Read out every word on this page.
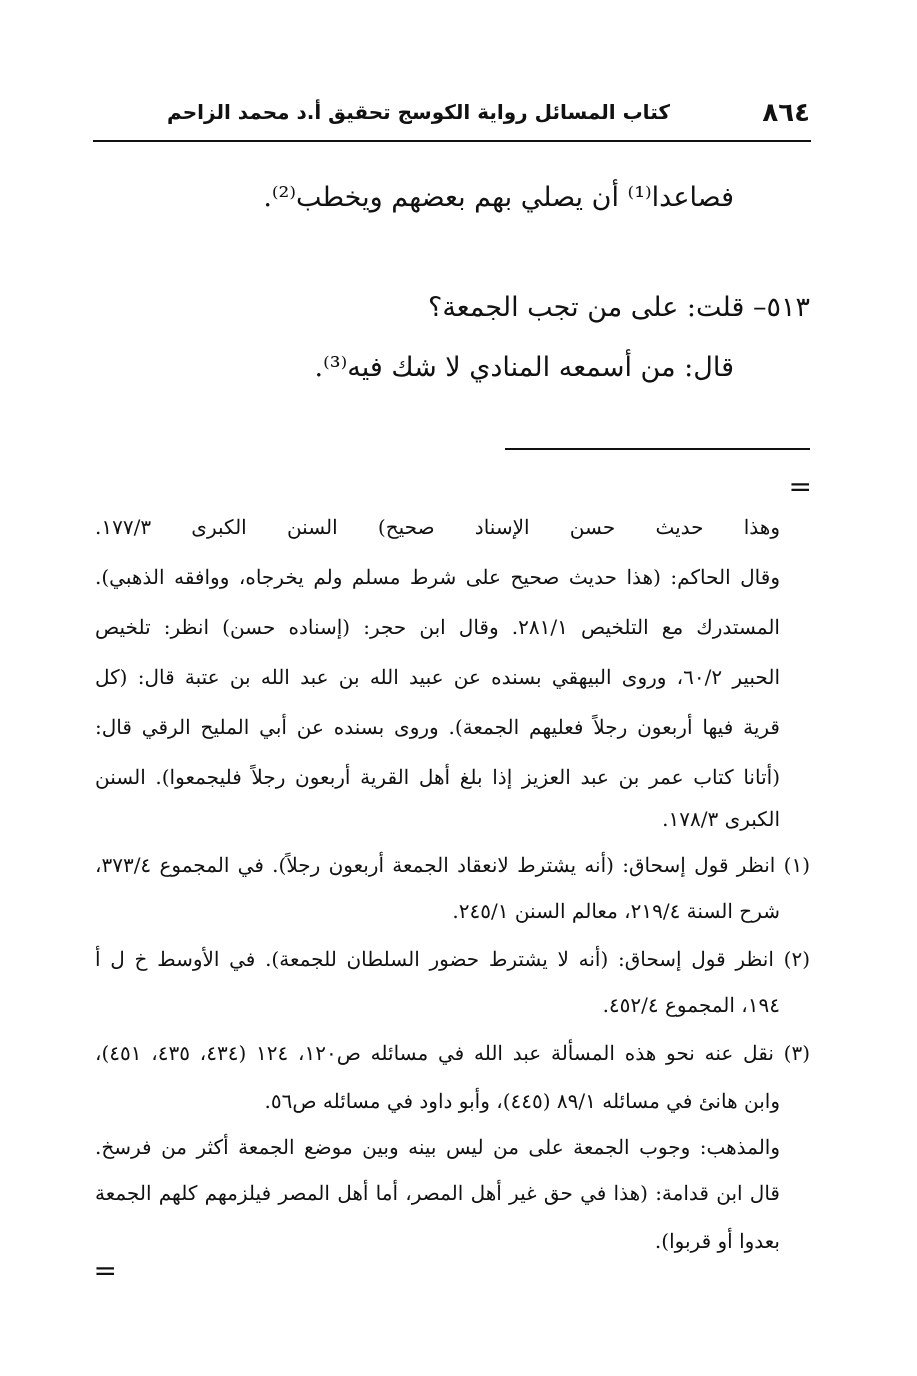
٨٦٤
كتاب المسائل رواية الكوسج تحقيق أ.د محمد الزاحم
فصاعدا⁽¹⁾ أن يصلي بهم بعضهم ويخطب⁽²⁾.
٥١٣– قلت: على من تجب الجمعة؟
قال: من أسمعه المنادي لا شك فيه⁽³⁾.
=
وهذا حديث حسن الإسناد صحيح) السنن الكبرى ١٧٧/٣.
وقال الحاكم: (هذا حديث صحيح على شرط مسلم ولم يخرجاه، ووافقه الذهبي).
المستدرك مع التلخيص ٢٨١/١. وقال ابن حجر: (إسناده حسن) انظر: تلخيص
الحبير ٦٠/٢، وروى البيهقي بسنده عن عبيد الله بن عبد الله بن عتبة قال: (كل
قرية فيها أربعون رجلاً فعليهم الجمعة). وروى بسنده عن أبي المليح الرقي قال:
(أتانا كتاب عمر بن عبد العزيز إذا بلغ أهل القرية أربعون رجلاً فليجمعوا). السنن
الكبرى ١٧٨/٣.
(١) انظر قول إسحاق: (أنه يشترط لانعقاد الجمعة أربعون رجلاً). في المجموع ٣٧٣/٤،
شرح السنة ٢١٩/٤، معالم السنن ٢٤٥/١.
(٢) انظر قول إسحاق: (أنه لا يشترط حضور السلطان للجمعة). في الأوسط خ ل أ
١٩٤، المجموع ٤٥٢/٤.
(٣) نقل عنه نحو هذه المسألة عبد الله في مسائله ص١٢٠، ١٢٤ (٤٣٤، ٤٣٥، ٤٥١)،
وابن هانئ في مسائله ٨٩/١ (٤٤٥)، وأبو داود في مسائله ص٥٦.
والمذهب: وجوب الجمعة على من ليس بينه وبين موضع الجمعة أكثر من فرسخ.
قال ابن قدامة: (هذا في حق غير أهل المصر، أما أهل المصر فيلزمهم كلهم الجمعة
بعدوا أو قربوا).
=
